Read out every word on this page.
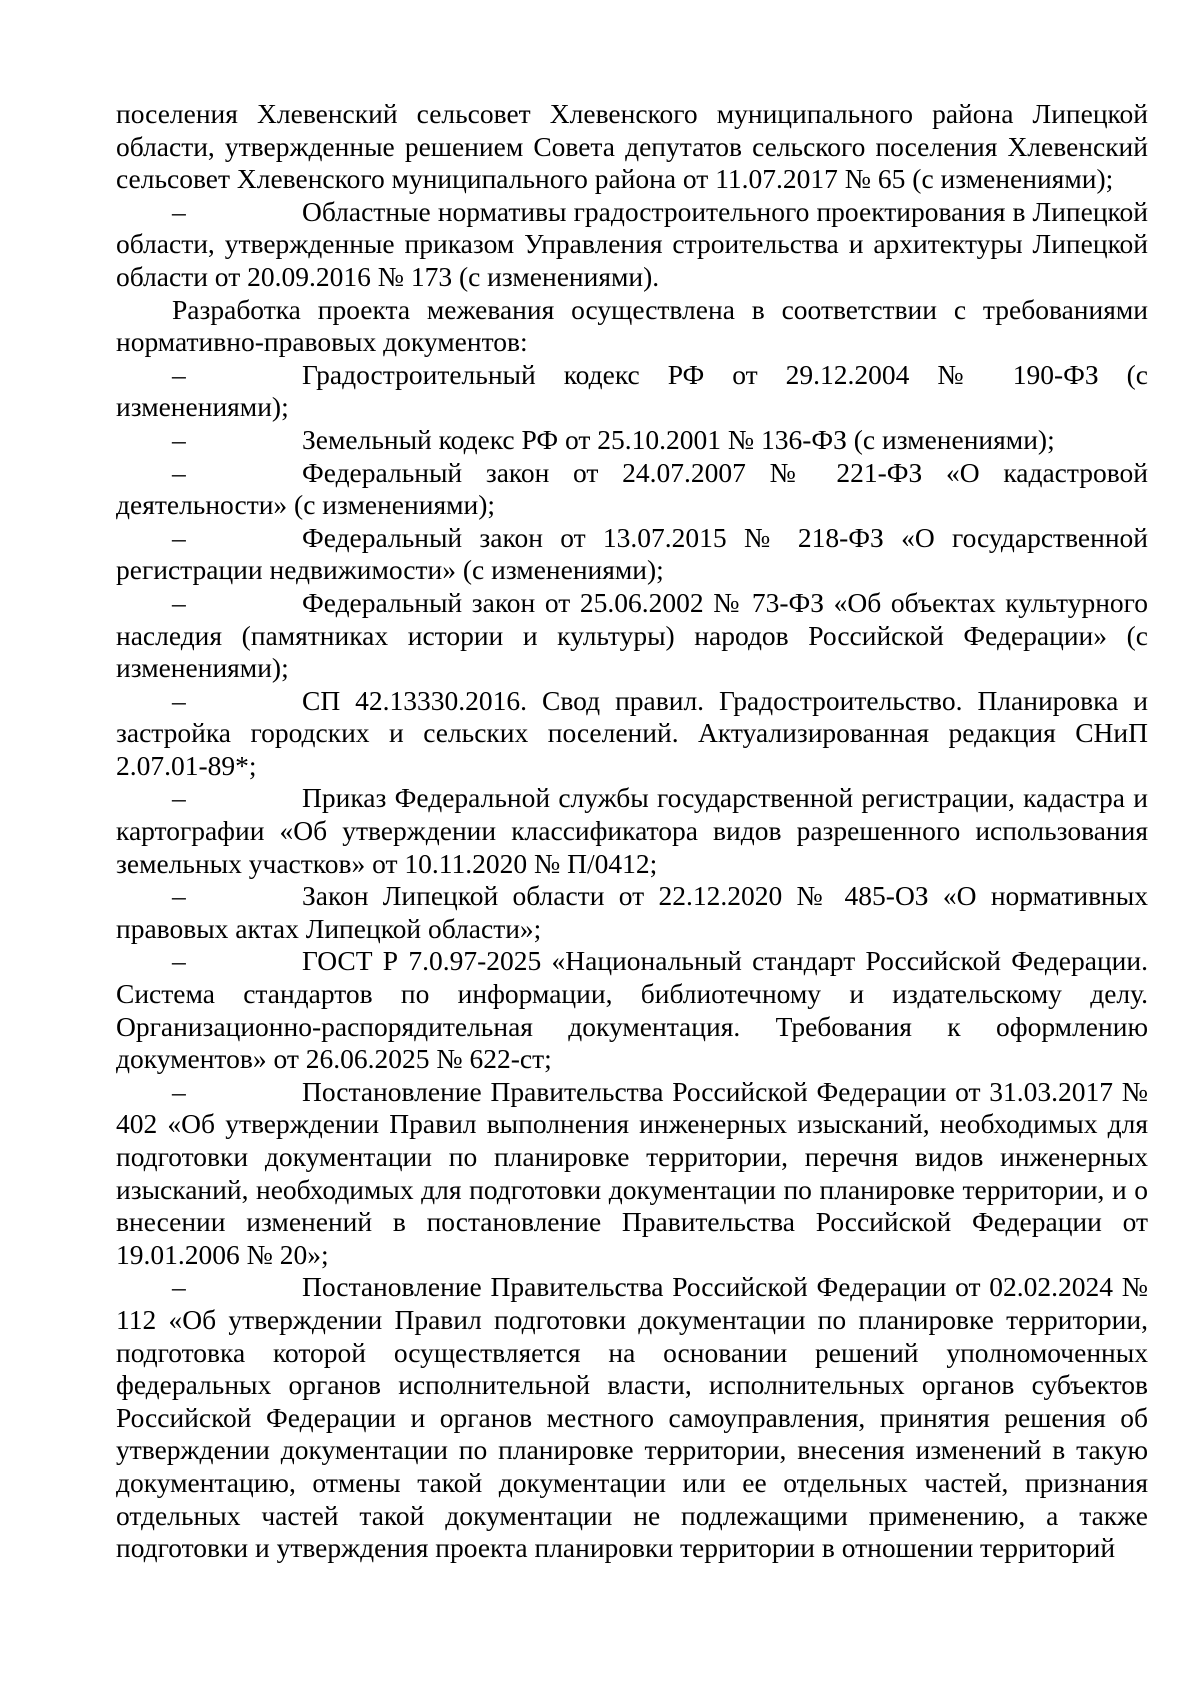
поселения Хлевенский сельсовет Хлевенского муниципального района Липецкой области, утвержденные решением Совета депутатов сельского поселения Хлевенский сельсовет Хлевенского муниципального района от 11.07.2017 № 65 (с изменениями);

–	Областные нормативы градостроительного проектирования в Липецкой области, утвержденные приказом Управления строительства и архитектуры Липецкой области от 20.09.2016 № 173 (с изменениями).

Разработка проекта межевания осуществлена в соответствии с требованиями нормативно-правовых документов:

–	Градостроительный кодекс РФ от 29.12.2004 № 190-ФЗ (с изменениями);

–	Земельный кодекс РФ от 25.10.2001 № 136-ФЗ (с изменениями);

–	Федеральный закон от 24.07.2007 № 221-ФЗ «О кадастровой деятельности» (с изменениями);

–	Федеральный закон от 13.07.2015 № 218-ФЗ «О государственной регистрации недвижимости» (с изменениями);

–	Федеральный закон от 25.06.2002 № 73-ФЗ «Об объектах культурного наследия (памятниках истории и культуры) народов Российской Федерации» (с изменениями);

–	СП 42.13330.2016. Свод правил. Градостроительство. Планировка и застройка городских и сельских поселений. Актуализированная редакция СНиП 2.07.01-89*;

–	Приказ Федеральной службы государственной регистрации, кадастра и картографии «Об утверждении классификатора видов разрешенного использования земельных участков» от 10.11.2020 № П/0412;

–	Закон Липецкой области от 22.12.2020 № 485-ОЗ «О нормативных правовых актах Липецкой области»;

–	ГОСТ Р 7.0.97-2025 «Национальный стандарт Российской Федерации. Система стандартов по информации, библиотечному и издательскому делу. Организационно-распорядительная документация. Требования к оформлению документов» от 26.06.2025 № 622-ст;

–	Постановление Правительства Российской Федерации от 31.03.2017 № 402 «Об утверждении Правил выполнения инженерных изысканий, необходимых для подготовки документации по планировке территории, перечня видов инженерных изысканий, необходимых для подготовки документации по планировке территории, и о внесении изменений в постановление Правительства Российской Федерации от 19.01.2006 № 20»;

–	Постановление Правительства Российской Федерации от 02.02.2024 № 112 «Об утверждении Правил подготовки документации по планировке территории, подготовка которой осуществляется на основании решений уполномоченных федеральных органов исполнительной власти, исполнительных органов субъектов Российской Федерации и органов местного самоуправления, принятия решения об утверждении документации по планировке территории, внесения изменений в такую документацию, отмены такой документации или ее отдельных частей, признания отдельных частей такой документации не подлежащими применению, а также подготовки и утверждения проекта планировки территории в отношении территорий
